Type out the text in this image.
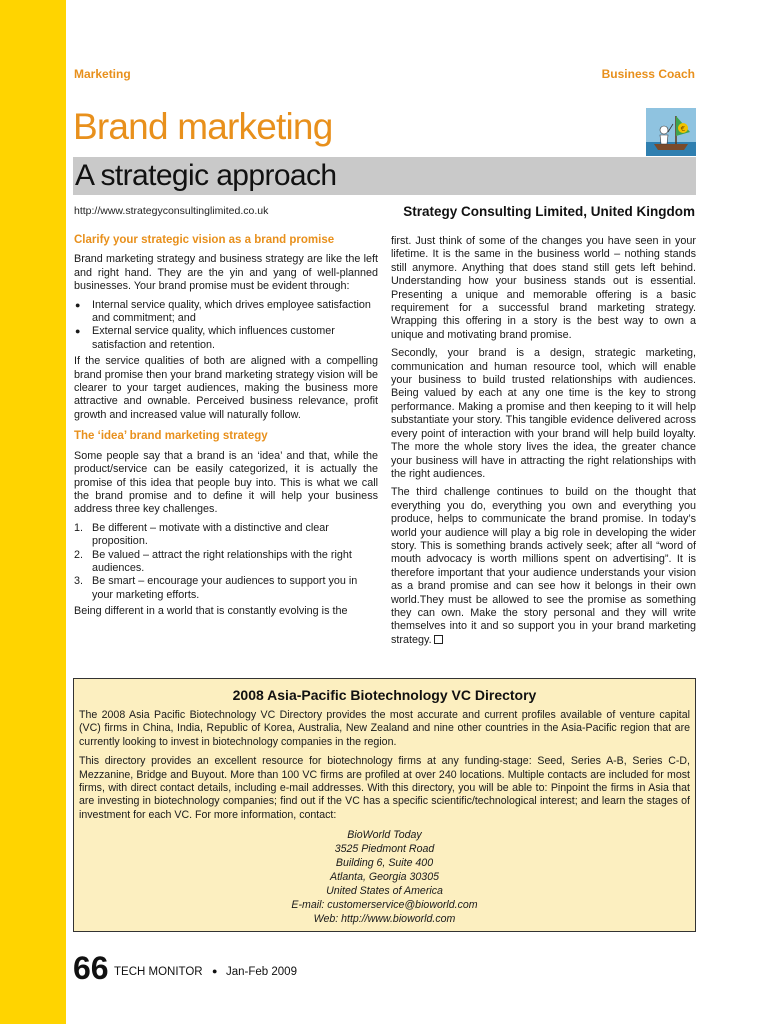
Marketing	Business Coach
Brand marketing	€
A strategic approach
http://www.strategyconsultinglimited.co.uk	Strategy Consulting Limited, United Kingdom
Clarify your strategic vision as a brand promise

Brand marketing strategy and business strategy are like the left and right hand. They are the yin and yang of well-planned businesses. Your brand promise must be evident through:

● Internal service quality, which drives employee satisfaction and commitment; and
● External service quality, which influences customer satisfaction and retention.

If the service qualities of both are aligned with a compelling brand promise then your brand marketing strategy vision will be clearer to your target audiences, making the business more attractive and ownable. Perceived business relevance, profit growth and increased value will naturally follow.

The ‘idea’ brand marketing strategy

Some people say that a brand is an ‘idea’ and that, while the product/service can be easily categorized, it is actually the promise of this idea that people buy into. This is what we call the brand promise and to define it will help your business address three key challenges.

1. Be different – motivate with a distinctive and clear proposition.
2. Be valued – attract the right relationships with the right audiences.
3. Be smart – encourage your audiences to support you in your marketing efforts.

Being different in a world that is constantly evolving is the

first. Just think of some of the changes you have seen in your lifetime. It is the same in the business world – nothing stands still anymore. Anything that does stand still gets left behind. Understanding how your business stands out is essential. Presenting a unique and memorable offering is a basic requirement for a successful brand marketing strategy. Wrapping this offering in a story is the best way to own a unique and motivating brand promise.

Secondly, your brand is a design, strategic marketing, communication and human resource tool, which will enable your business to build trusted relationships with audiences. Being valued by each at any one time is the key to strong performance. Making a promise and then keeping to it will help substantiate your story. This tangible evidence delivered across every point of interaction with your brand will help build loyalty. The more the whole story lives the idea, the greater chance your business will have in attracting the right relationships with the right audiences.

The third challenge continues to build on the thought that everything you do, everything you own and everything you produce, helps to communicate the brand promise. In today’s world your audience will play a big role in developing the wider story. This is something brands actively seek; after all “word of mouth advocacy is worth millions spent on advertising”. It is therefore important that your audience understands your vision as a brand promise and can see how it belongs in their own world.They must be allowed to see the promise as something they can own. Make the story personal and they will write themselves into it and so support you in your brand marketing strategy.

2008 Asia-Pacific Biotechnology VC Directory

The 2008 Asia Pacific Biotechnology VC Directory provides the most accurate and current profiles available of venture capital (VC) firms in China, India, Republic of Korea, Australia, New Zealand and nine other countries in the Asia-Pacific region that are currently looking to invest in biotechnology companies in the region.

This directory provides an excellent resource for biotechnology firms at any funding-stage: Seed, Series A-B, Series C-D, Mezzanine, Bridge and Buyout. More than 100 VC firms are profiled at over 240 locations. Multiple contacts are included for most firms, with direct contact details, including e-mail addresses. With this directory, you will be able to: Pinpoint the firms in Asia that are investing in biotechnology companies; find out if the VC has a specific scientific/technological interest; and learn the stages of investment for each VC. For more information, contact:

BioWorld Today
3525 Piedmont Road
Building 6, Suite 400
Atlanta, Georgia 30305
United States of America
E-mail: customerservice@bioworld.com
Web: http://www.bioworld.com
66 TECH MONITOR ● Jan-Feb 2009
